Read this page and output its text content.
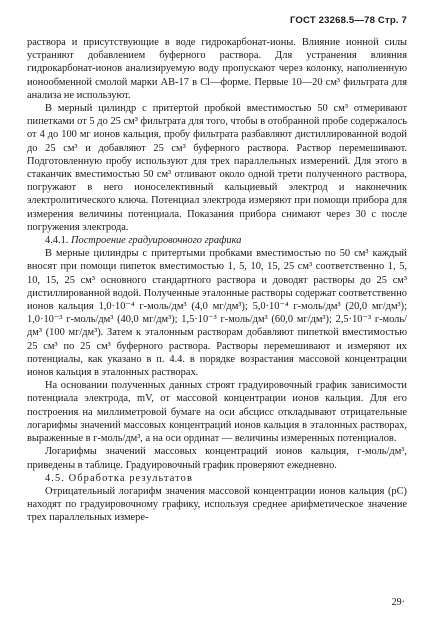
ГОСТ 23268.5—78 Стр. 7

раствора и присутствующие в воде гидрокарбонат-ионы. Влияние ионной силы устраняют добавлением буферного раствора. Для устранения влияния гидрокарбонат-ионов анализируемую воду пропускают через колонку, наполненную ионообменной смолой марки АВ-17 в Cl—форме. Первые 10—20 см³ фильтрата для анализа не используют.

В мерный цилиндр с притертой пробкой вместимостью 50 см³ отмеривают пипетками от 5 до 25 см³ фильтрата для того, чтобы в отобранной пробе содержалось от 4 до 100 мг ионов кальция, пробу фильтрата разбавляют дистиллированной водой до 25 см³ и добавляют 25 см³ буферного раствора. Раствор перемешивают. Подготовленную пробу используют для трех параллельных измерений. Для этого в стаканчик вместимостью 50 см³ отливают около одной трети полученного раствора, погружают в него ионоселективный кальциевый электрод и наконечник электролитического ключа. Потенциал электрода измеряют при помощи прибора для измерения величины потенциала. Показания прибора снимают через 30 с после погружения электрода.

4.4.1. Построение градуировочного графика

В мерные цилиндры с притертыми пробками вместимостью по 50 см³ каждый вносят при помощи пипеток вместимостью 1, 5, 10, 15, 25 см³ соответственно 1, 5, 10, 15, 25 см³ основного стандартного раствора и доводят растворы до 25 см³ дистиллированной водой. Полученные эталонные растворы содержат соответственно ионов кальция 1,0·10⁻⁴ г-моль/дм³ (4,0 мг/дм³); 5,0·10⁻⁴ г-моль/дм³ (20,0 мг/дм³); 1,0·10⁻³ г-моль/дм³ (40,0 мг/дм³); 1,5·10⁻³ г-моль/дм³ (60,0 мг/дм³); 2,5·10⁻³ г-моль/дм³ (100 мг/дм³). Затем к эталонным растворам добавляют пипеткой вместимостью 25 см³ по 25 см³ буферного раствора. Растворы перемешивают и измеряют их потенциалы, как указано в п. 4.4. в порядке возрастания массовой концентрации ионов кальция в эталонных растворах.

На основании полученных данных строят градуировочный график зависимости потенциала электрода, mV, от массовой концентрации ионов кальция. Для его построения на миллиметровой бумаге на оси абсцисс откладывают отрицательные логарифмы значений массовых концентраций ионов кальция в эталонных растворах, выраженные в г-моль/дм³, а на оси ординат — величины измеренных потенциалов.

Логарифмы значений массовых концентраций ионов кальция, г-моль/дм³, приведены в таблице. Градуировочный график проверяют ежедневно.

4.5. Обработка результатов

Отрицательный логарифм значения массовой концентрации ионов кальция (pC) находят по градуировочному графику, используя среднее арифметическое значение трех параллельных измере-

29·
